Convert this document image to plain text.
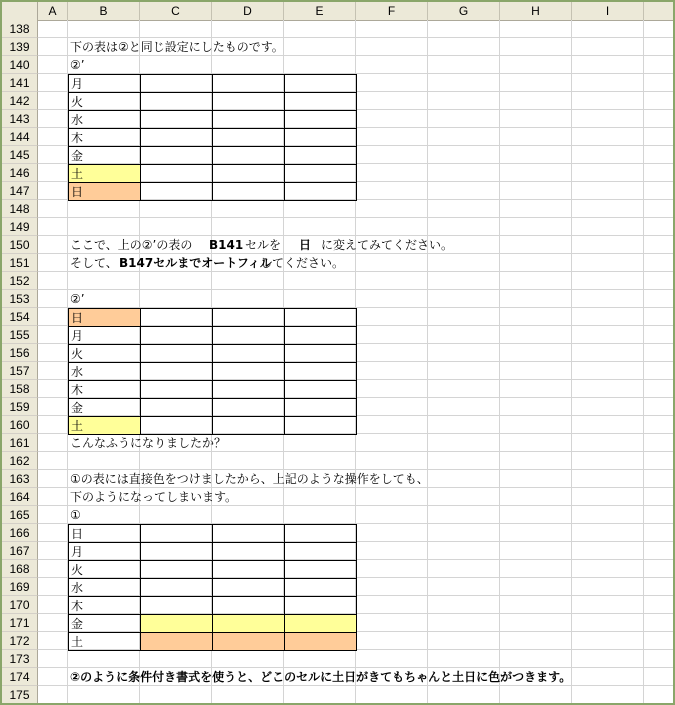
A	B	C	D	E	F	G	H	I
138
139
140
141
142
143
144
145
146
147
148
149
150
151
152
153
154
155
156
157
158
159
160
161
162
163
164
165
166
167
168
169
170
171
172
173
174
175
下の表は②と同じ設定にしたものです。
②’
月
火
水
木
金
土
日
ここで、上の②’の表の B141 セルを 日 に変えてみてください。
そして、 B147セルまでオートフィル
してください。
②’
日
月
火
水
木
金
土
こんなふうになりましたか？
①の表には直接色をつけましたから、上記のような操作をしても、
下のようになってしまいます。
①
日
月
火
水
木
金
土
②のように条件付き書式を使うと、どこのセルに土日がきてもちゃんと土日に色がつきます。
